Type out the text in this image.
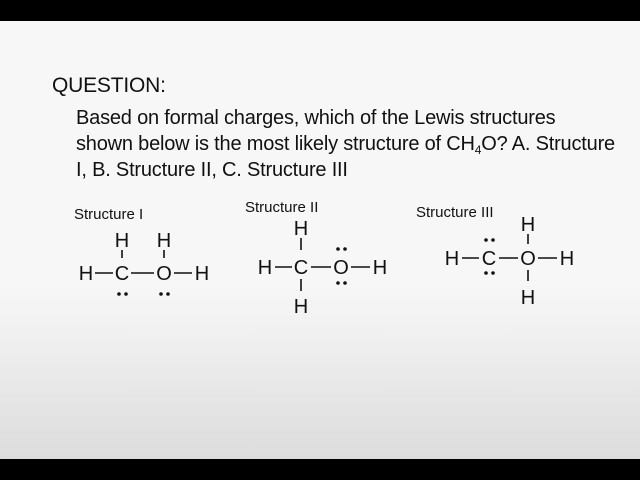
QUESTION:
Based on formal charges, which of the Lewis structures shown below is the most likely structure of $CH_4O$? A. Structure I, B. Structure II, C. Structure III
Structure I	Structure II	Structure III
H H
H C O H
H
H C O H
H
H
H C O H
H
